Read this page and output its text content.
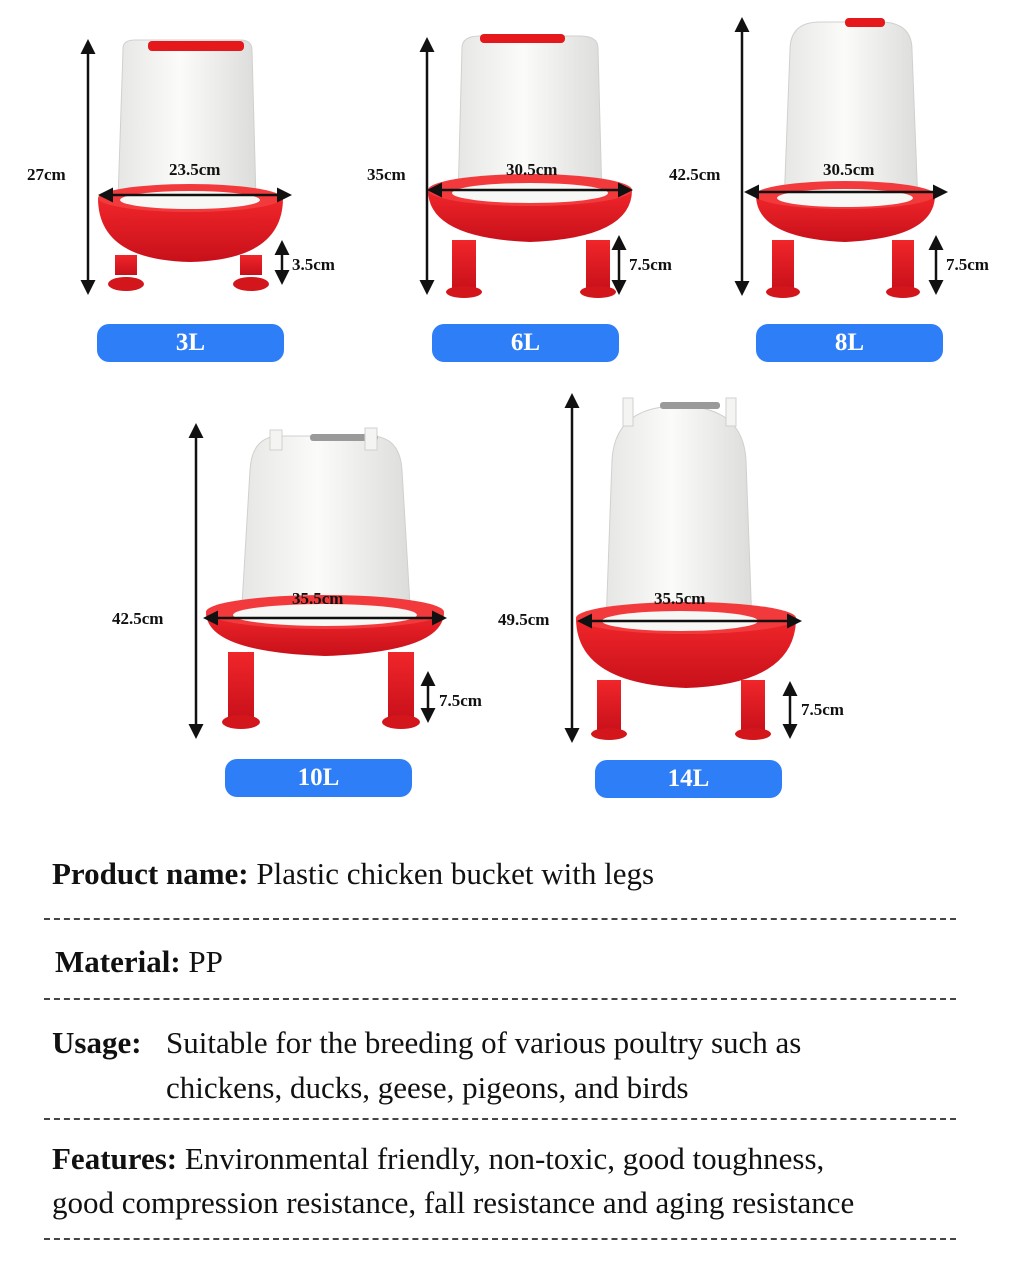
27cm	23.5cm
3.5cm
3L
35cm	30.5cm
7.5cm
6L
42.5cm	30.5cm
7.5cm
8L
42.5cm
35.5cm
7.5cm
10L
49.5cm
35.5cm
7.5cm
14L
Product name: Plastic chicken bucket with legs
Material: PP
Usage: Suitable for the breeding of various poultry such as
chickens, ducks, geese, pigeons, and birds
Features: Environmental friendly, non-toxic, good toughness,
good compression resistance, fall resistance and aging resistance
